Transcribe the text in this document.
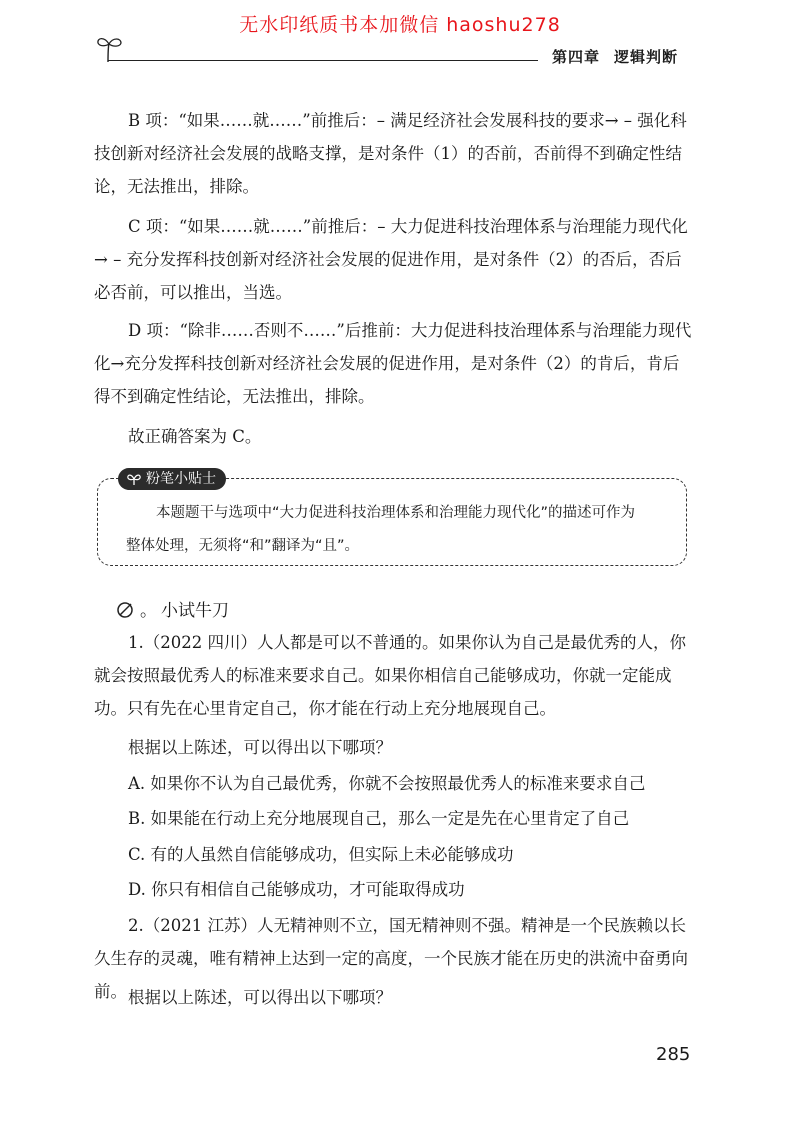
无水印纸质书本加微信 haoshu278
第四章 逻辑判断

B 项：“如果……就……”前推后：– 满足经济社会发展科技的要求→ – 强化科技创新对经济社会发展的战略支撑，是对条件（1）的否前，否前得不到确定性结论，无法推出，排除。

C 项：“如果……就……”前推后：– 大力促进科技治理体系与治理能力现代化→ – 充分发挥科技创新对经济社会发展的促进作用，是对条件（2）的否后，否后必否前，可以推出，当选。

D 项：“除非……否则不……”后推前：大力促进科技治理体系与治理能力现代化→充分发挥科技创新对经济社会发展的促进作用，是对条件（2）的肯后，肯后得不到确定性结论，无法推出，排除。

故正确答案为 C。

粉笔小贴士

本题题干与选项中“大力促进科技治理体系和治理能力现代化”的描述可作为
整体处理，无须将“和”翻译为“且”。

。 小试牛刀

1.（2022 四川）人人都是可以不普通的。如果你认为自己是最优秀的人，你就会按照最优秀人的标准来要求自己。如果你相信自己能够成功，你就一定能成功。只有先在心里肯定自己，你才能在行动上充分地展现自己。

根据以上陈述，可以得出以下哪项？

A. 如果你不认为自己最优秀，你就不会按照最优秀人的标准来要求自己

B. 如果能在行动上充分地展现自己，那么一定是先在心里肯定了自己

C. 有的人虽然自信能够成功，但实际上未必能够成功

D. 你只有相信自己能够成功，才可能取得成功

2.（2021 江苏）人无精神则不立，国无精神则不强。精神是一个民族赖以长久生存的灵魂，唯有精神上达到一定的高度，一个民族才能在历史的洪流中奋勇向前。 根据以上陈述，可以得出以下哪项？

285
